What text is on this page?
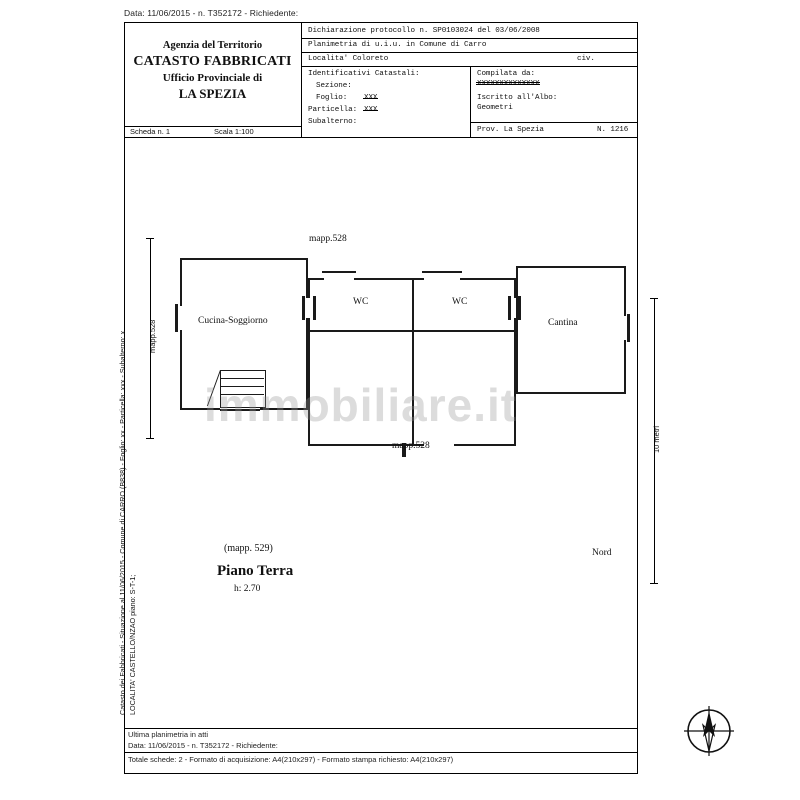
Data: 11/06/2015 - n. T352172 - Richiedente:
Agenzia del Territorio
CATASTO FABBRICATI
Ufficio Provinciale di
LA SPEZIA
Scheda n. 1	Scala 1:100
Dichiarazione protocollo n. SP0103024 del 03/06/2008
Planimetria di u.i.u. in Comune di Carro
Localita' Coloreto	civ.
Identificativi Catastali:
Sezione:
Foglio: XXX
Particella: XXX
Subalterno:
Compilata da:
XXXXXXXXXXXXXX
Iscritto all'Albo:
Geometri
Prov. La Spezia	N. 1216
Catasto dei Fabbricati - Situazione al 11/06/2015 - Comune di CARRO (B838) - Foglio: xx - Particella: xxx - Subalterno: x LOCALITA' CASTELLO/NZAO piano: S-T-1;
mapp.528
10 metri
mapp.528
Cucina-Soggiorno
WC	WC
Cantina
mapp.528
immobiliare.it
(mapp. 529)
Piano Terra
h: 2.70
Nord
Ultima planimetria in atti
Data: 11/06/2015 - n. T352172 - Richiedente:
Totale schede: 2 - Formato di acquisizione: A4(210x297) - Formato stampa richiesto: A4(210x297)
